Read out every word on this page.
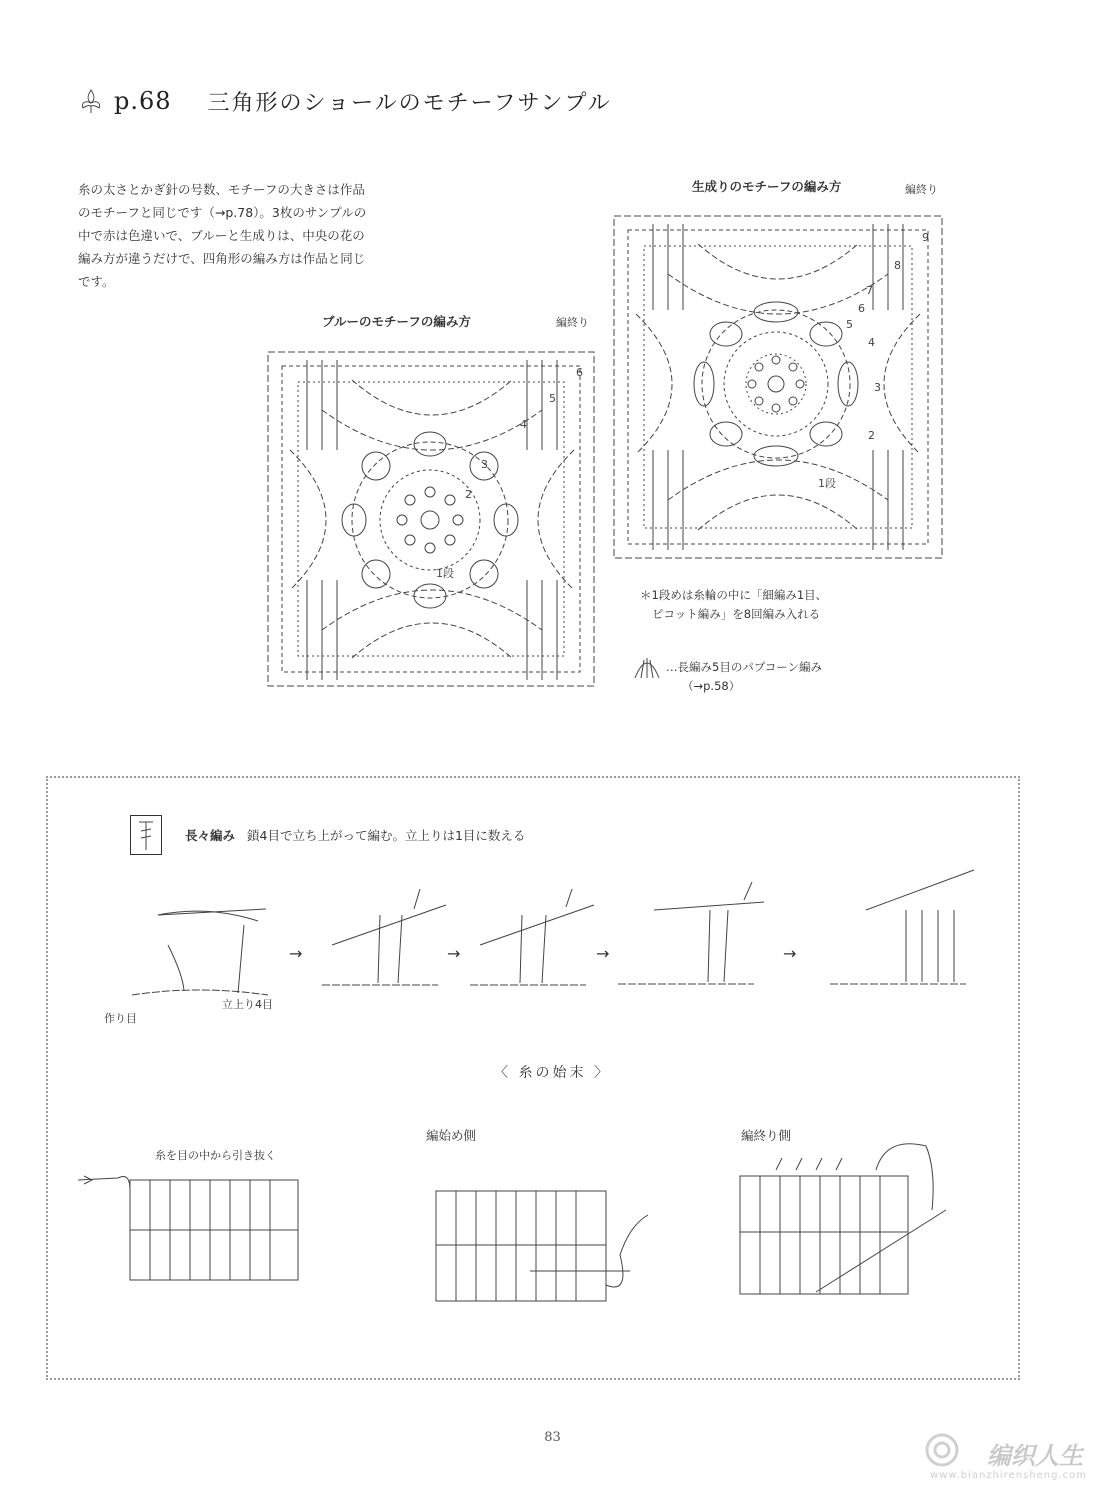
p.68 三角形のショールのモチーフサンプル
糸の太さとかぎ針の号数、モチーフの大きさは作品
のモチーフと同じです（→p.78）。3枚のサンプルの
中で赤は色違いで、ブルーと生成りは、中央の花の
編み方が違うだけで、四角形の編み方は作品と同じ
です。
ブルーのモチーフの編み方	編終り
6
5
4
3
2
1段
生成りのモチーフの編み方	編終り
9
8
7
6
5
4
3
2
1段
＊1段めは糸輪の中に「細編み1目、
ピコット編み」を8回編み入れる
…長編み5目のパプコーン編み
（→p.58）
長々編み 鎖4目で立ち上がって編む。立上りは1目に数える
作り目
立上り4目
→	→	→	→
〈 糸の始末 〉
糸を目の中から引き抜く
編始め側	編終り側
83
编织人生
www.bianzhirensheng.com
